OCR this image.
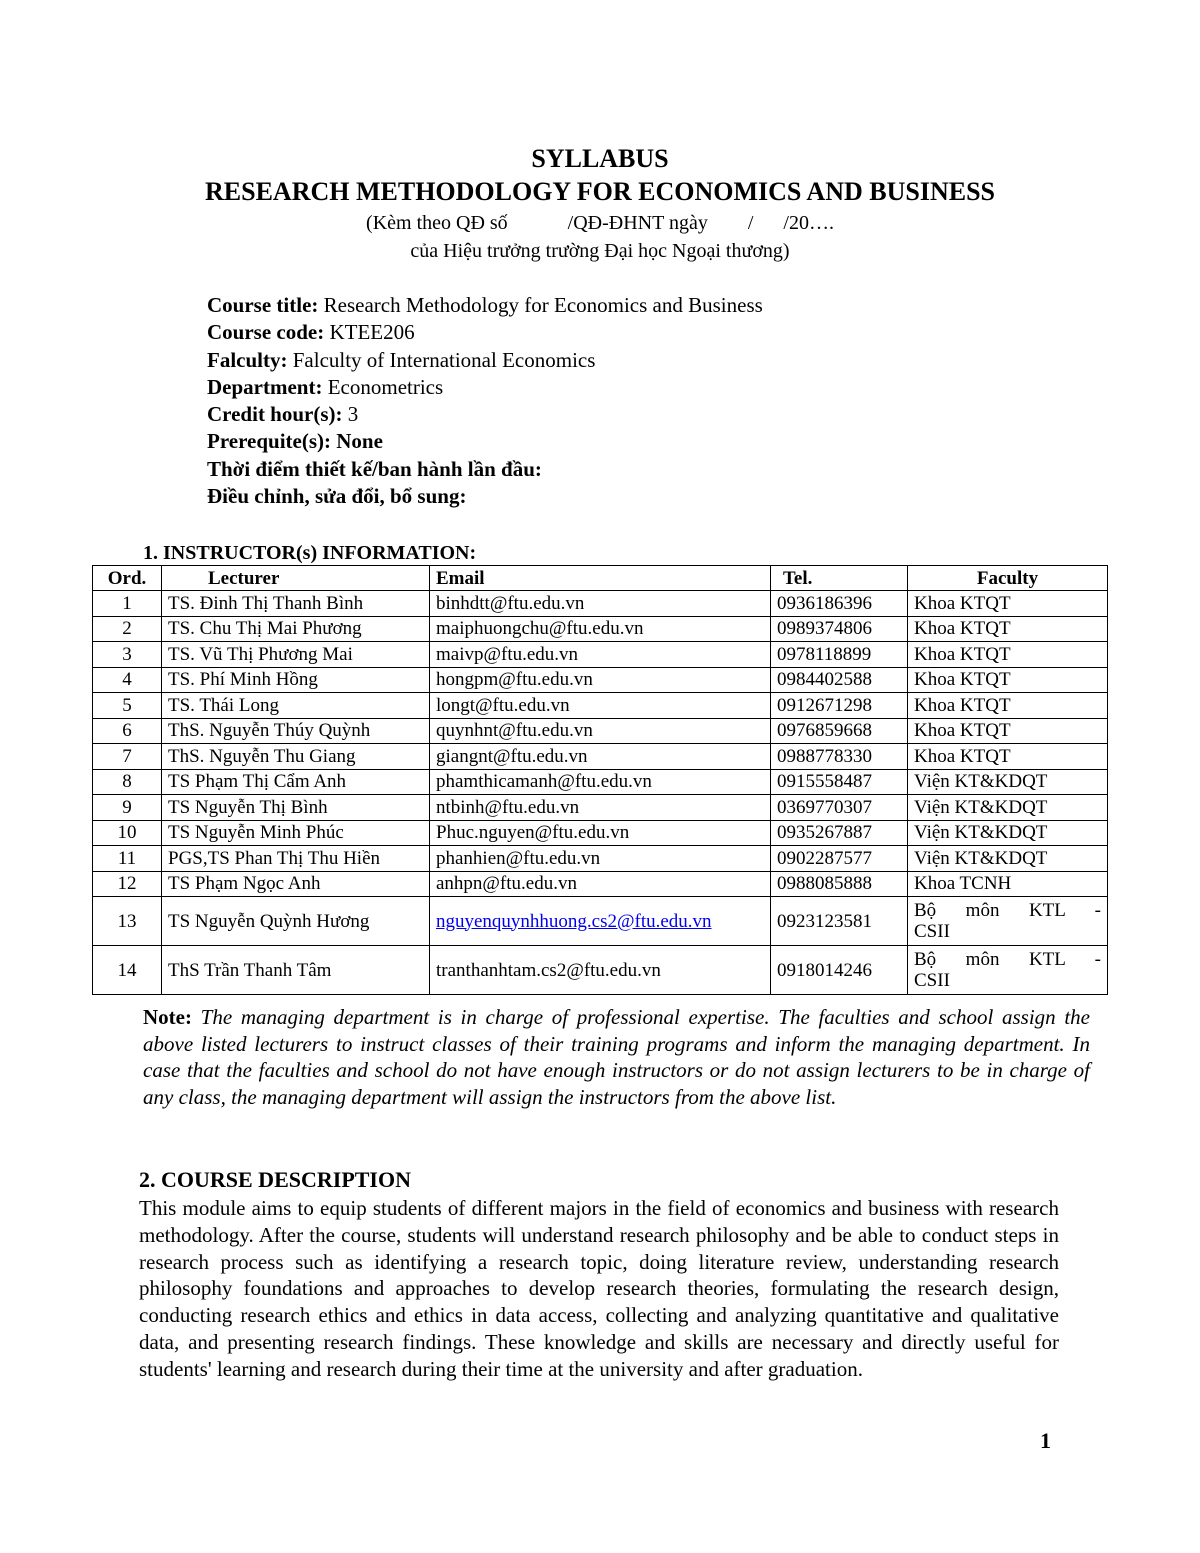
SYLLABUS
RESEARCH METHODOLOGY FOR ECONOMICS AND BUSINESS
(Kèm theo QĐ số	/QĐ-ĐHNT ngày / /20….
của Hiệu trưởng trường Đại học Ngoại thương)
Course title: Research Methodology for Economics and Business
Course code: KTEE206
Falculty: Falculty of International Economics
Department: Econometrics
Credit hour(s): 3
Prerequite(s): None
Thời điểm thiết kế/ban hành lần đầu:
Điều chỉnh, sửa đổi, bổ sung:
1. INSTRUCTOR(s) INFORMATION:
Ord.	Lecturer	Email	Tel.	Faculty
1	TS. Đinh Thị Thanh Bình	binhdtt@ftu.edu.vn	0936186396	Khoa KTQT
2	TS. Chu Thị Mai Phương	maiphuongchu@ftu.edu.vn	0989374806	Khoa KTQT
3	TS. Vũ Thị Phương Mai	maivp@ftu.edu.vn	0978118899	Khoa KTQT
4	TS. Phí Minh Hồng	hongpm@ftu.edu.vn	0984402588	Khoa KTQT
5	TS. Thái Long	longt@ftu.edu.vn	0912671298	Khoa KTQT
6	ThS. Nguyễn Thúy Quỳnh	quynhnt@ftu.edu.vn	0976859668	Khoa KTQT
7	ThS. Nguyễn Thu Giang	giangnt@ftu.edu.vn	0988778330	Khoa KTQT
8	TS Phạm Thị Cẩm Anh	phamthicamanh@ftu.edu.vn	0915558487	Viện KT&KDQT
9	TS Nguyễn Thị Bình	ntbinh@ftu.edu.vn	0369770307	Viện KT&KDQT
10	TS Nguyễn Minh Phúc	Phuc.nguyen@ftu.edu.vn	0935267887	Viện KT&KDQT
11	PGS,TS Phan Thị Thu Hiền	phanhien@ftu.edu.vn	0902287577	Viện KT&KDQT
12	TS Phạm Ngọc Anh	anhpn@ftu.edu.vn	0988085888	Khoa TCNH
13	TS Nguyễn Quỳnh Hương	nguyenquynhhuong.cs2@ftu.edu.vn	0923123581	Bộ môn KTL -
CSII

14	ThS Trần Thanh Tâm	tranthanhtam.cs2@ftu.edu.vn	0918014246	Bộ môn KTL -
CSII
Note: The managing department is in charge of professional expertise. The faculties and school assign the above listed lecturers to instruct classes of their training programs and inform the managing department. In case that the faculties and school do not have enough instructors or do not assign lecturers to be in charge of any class, the managing department will assign the instructors from the above list.
2. COURSE DESCRIPTION
This module aims to equip students of different majors in the field of economics and business with research methodology. After the course, students will understand research philosophy and be able to conduct steps in research process such as identifying a research topic, doing literature review, understanding research philosophy foundations and approaches to develop research theories, formulating the research design, conducting research ethics and ethics in data access, collecting and analyzing quantitative and qualitative data, and presenting research findings. These knowledge and skills are necessary and directly useful for students' learning and research during their time at the university and after graduation.
1
